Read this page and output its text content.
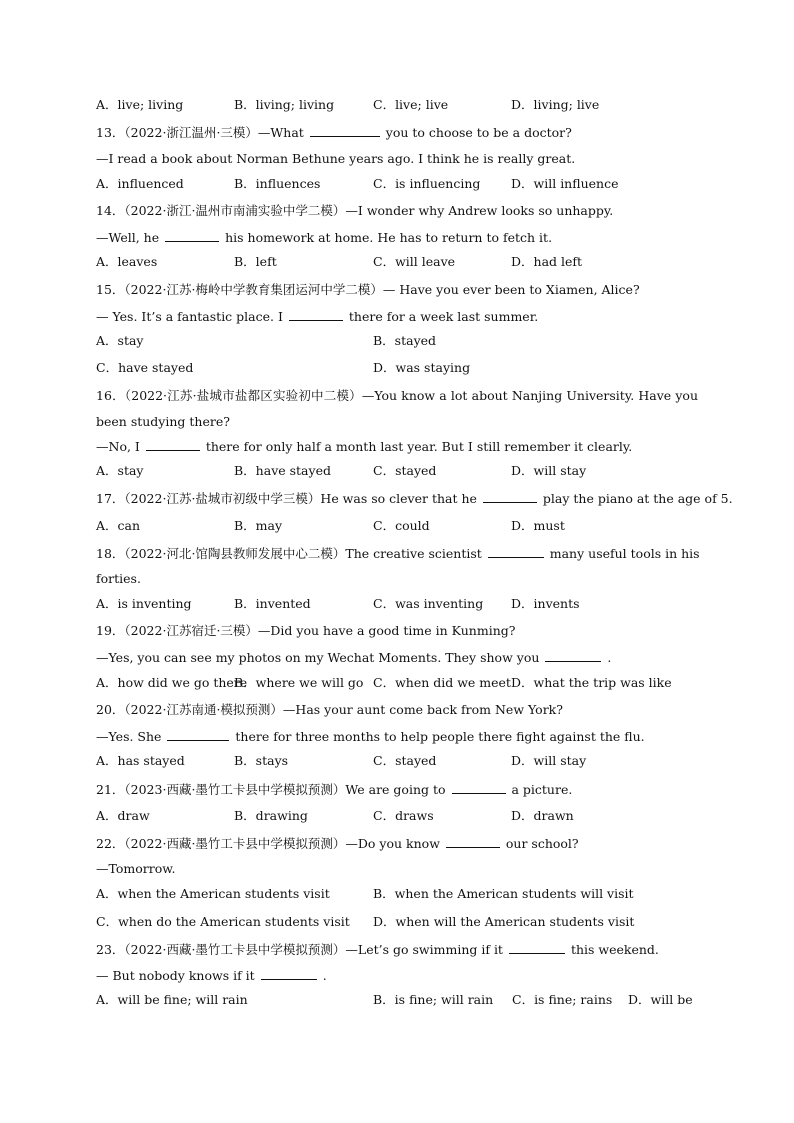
A．live; living	B．living; living	C．live; live	D．living; live
13．（2022·浙江温州·三模）—What	you to choose to be a doctor?
—I read a book about Norman Bethune years ago. I think he is really great.
A．influenced	B．influences	C．is influencing D．will influence
14．（2022·浙江·温州市南浦实验中学二模）—I wonder why Andrew looks so unhappy.
—Well, he	his homework at home. He has to return to fetch it.
A．leaves	B．left	C．will leave	D．had left
15．（2022·江苏·梅岭中学教育集团运河中学二模）— Have you ever been to Xiamen, Alice?
— Yes. It’s a fantastic place. I	there for a week last summer.
A．stay	B．stayed
C．have stayed	D．was staying
16．（2022·江苏·盐城市盐都区实验初中二模）—You know a lot about Nanjing University. Have you
been studying there?
—No, I	there for only half a month last year. But I still remember it clearly.
A．stay	B．have stayed	C．stayed	D．will stay
17．（2022·江苏·盐城市初级中学三模）He was so clever that he	play the piano at the age of 5.
A．can	B．may	C．could	D．must
18．（2022·河北·馆陶县教师发展中心二模）The creative scientist	many useful tools in his
forties.
A．is inventing	B．invented	C．was inventing D．invents
19．（2022·江苏宿迁·三模）—Did you have a good time in Kunming?
—Yes, you can see my photos on my Wechat Moments. They show you	.
A．how did we go there
B．where we will go C．when did we meet D．what the trip was like
20．（2022·江苏南通·模拟预测）—Has your aunt come back from New York?
—Yes. She	there for three months to help people there fight against the flu.
A．has stayed	B．stays	C．stayed	D．will stay
21．（2023·西藏·墨竹工卡县中学模拟预测）We are going to	a picture.
A．draw	B．drawing	C．draws	D．drawn
22．（2022·西藏·墨竹工卡县中学模拟预测）—Do you know	our school?
—Tomorrow.
A．when the American students visit	B．when the American students will visit
C．when do the American students visit D．when will the American students visit
23．（2022·西藏·墨竹工卡县中学模拟预测）—Let’s go swimming if it	this weekend.
— But nobody knows if it	.
A．will be fine; will rain	B．is fine; will rain C．is fine; rains D．will be
